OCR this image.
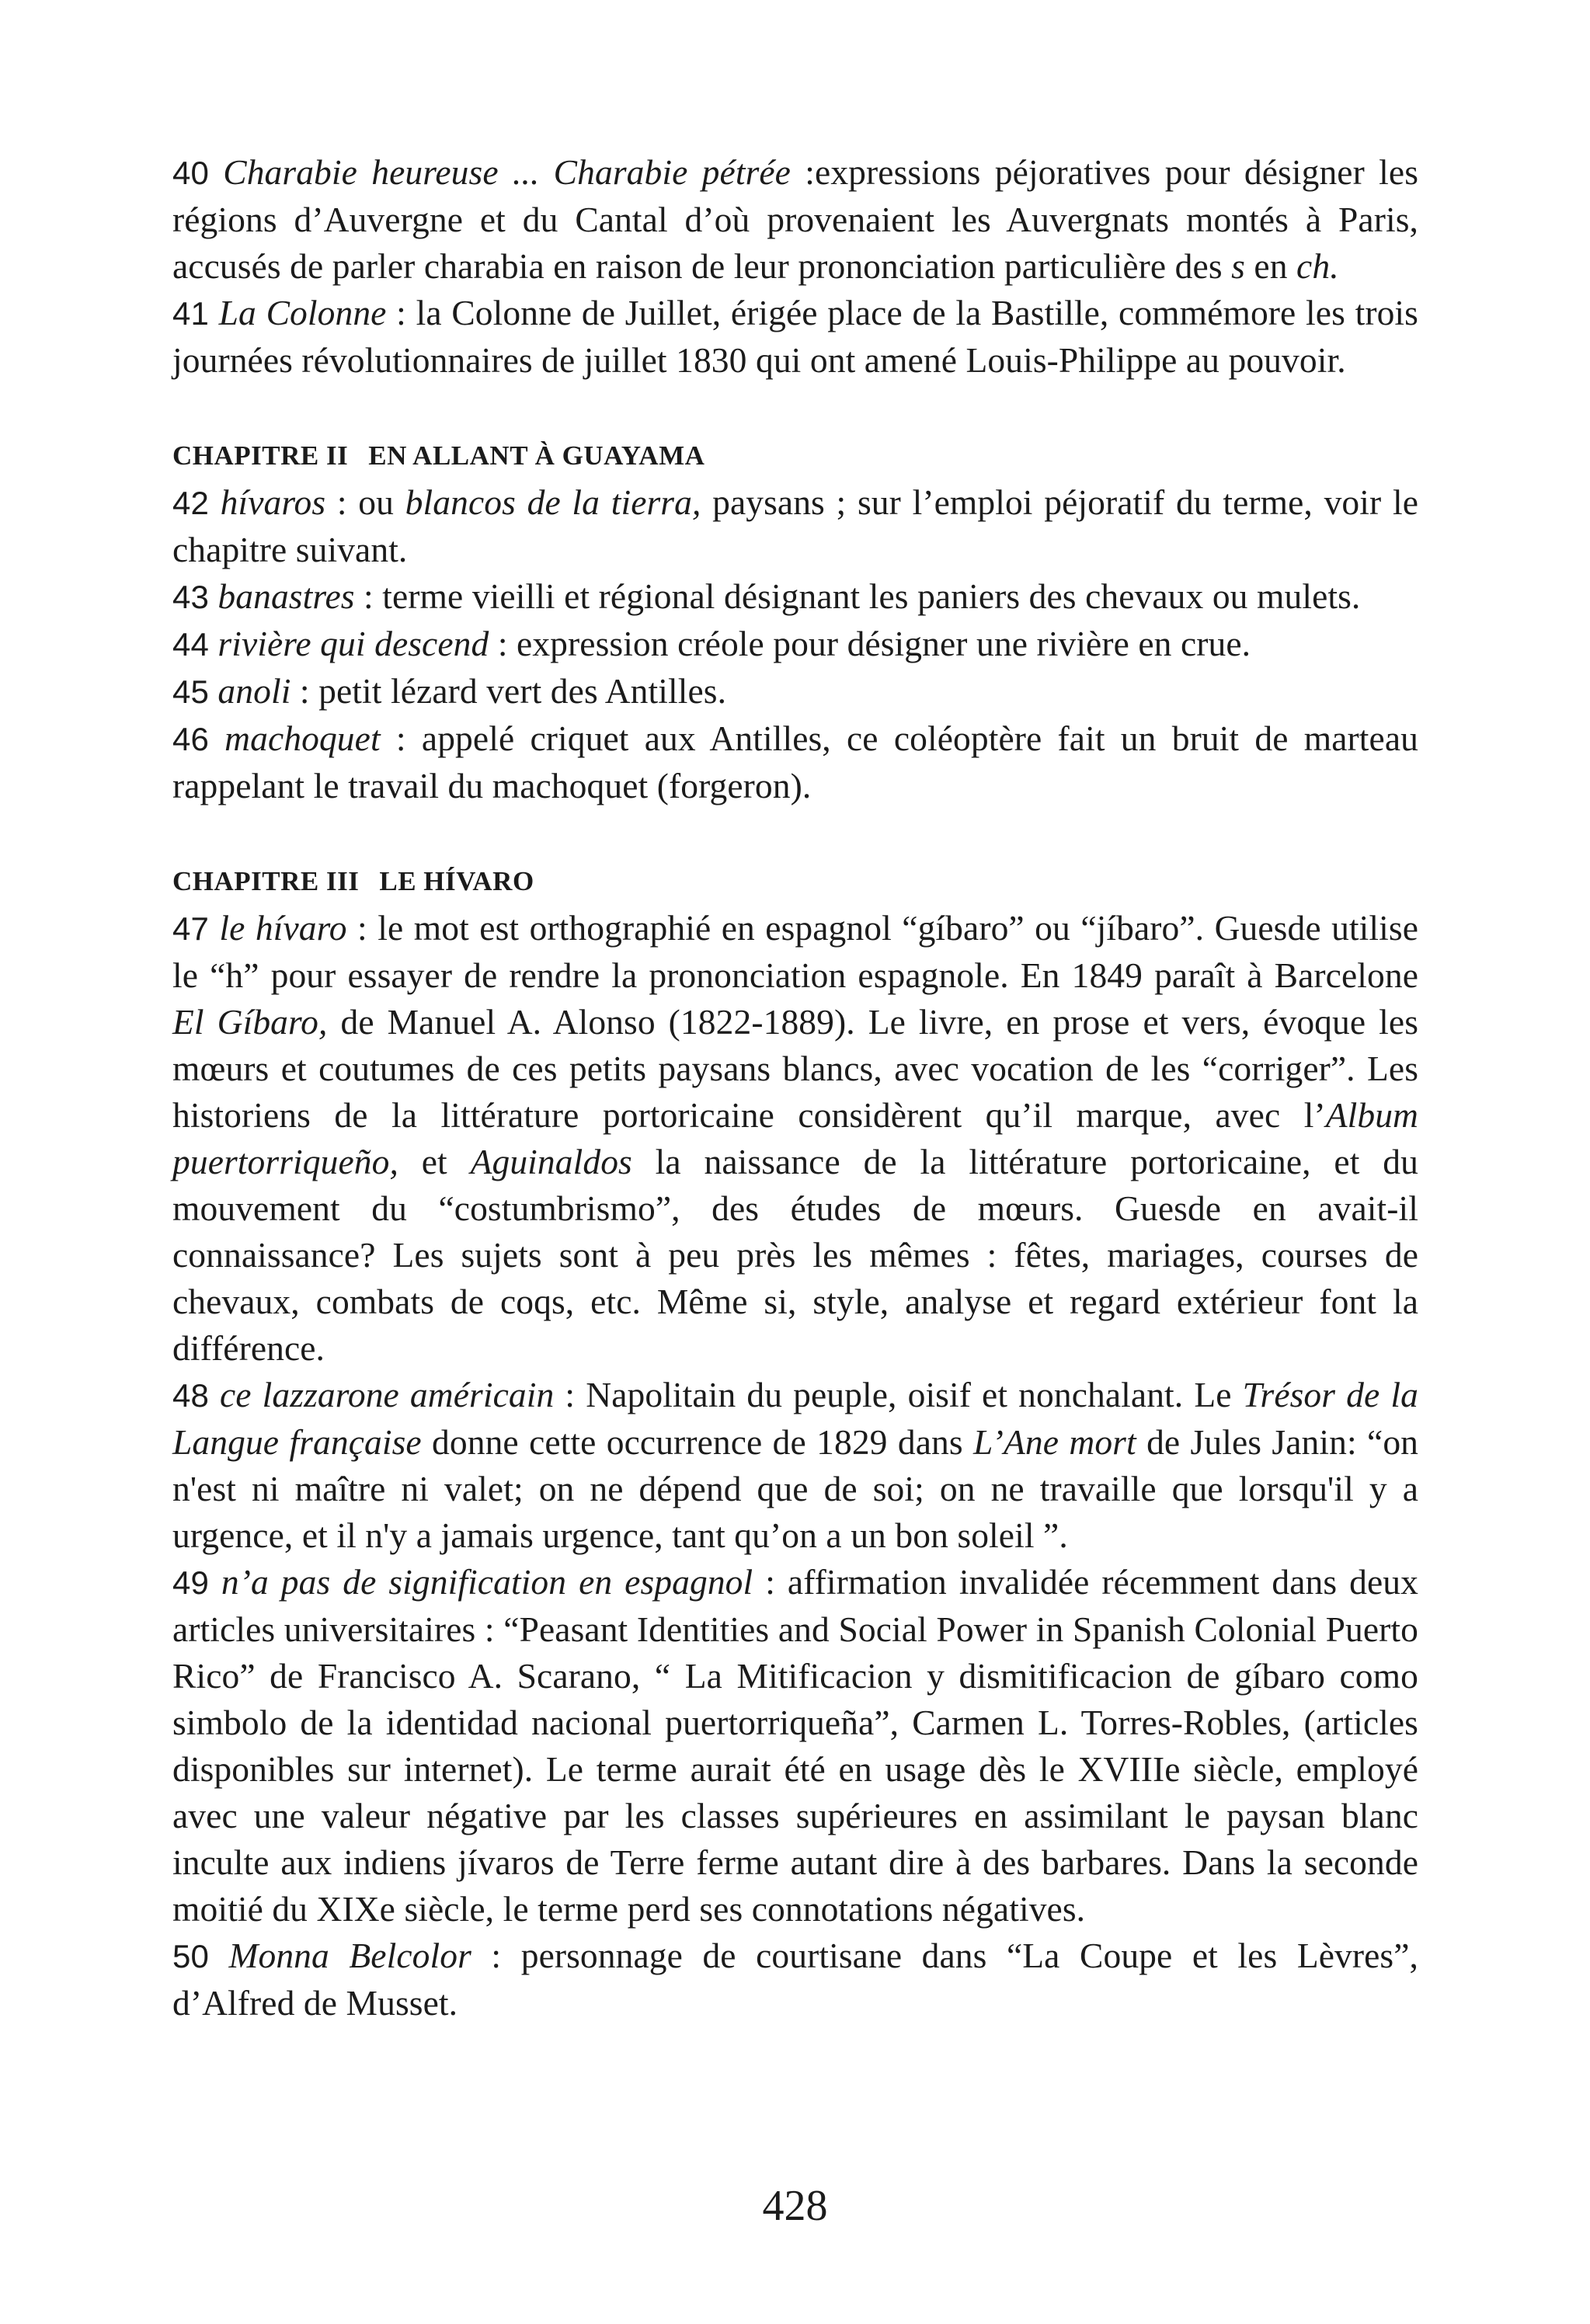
40 Charabie heureuse ... Charabie pétrée :expressions péjoratives pour désigner les régions d’Auvergne et du Cantal d’où provenaient les Auvergnats montés à Paris, accusés de parler charabia en raison de leur prononciation particulière des s en ch.

41 La Colonne : la Colonne de Juillet, érigée place de la Bastille, commémore les trois journées révolutionnaires de juillet 1830 qui ont amené Louis-Philippe au pouvoir.

CHAPITRE II EN ALLANT À GUAYAMA

42 hívaros : ou blancos de la tierra, paysans ; sur l’emploi péjoratif du terme, voir le chapitre suivant.

43 banastres : terme vieilli et régional désignant les paniers des chevaux ou mulets.

44 rivière qui descend : expression créole pour désigner une rivière en crue.

45 anoli : petit lézard vert des Antilles.

46 machoquet : appelé criquet aux Antilles, ce coléoptère fait un bruit de marteau rappelant le travail du machoquet (forgeron).

CHAPITRE III LE HÍVARO

47 le hívaro : le mot est orthographié en espagnol “gíbaro” ou “jíbaro”. Guesde utilise le “h” pour essayer de rendre la prononciation espagnole. En 1849 paraît à Barcelone El Gíbaro, de Manuel A. Alonso (1822-1889). Le livre, en prose et vers, évoque les mœurs et coutumes de ces petits paysans blancs, avec vocation de les “corriger”. Les historiens de la littérature portoricaine considèrent qu’il marque, avec l’Album puertorriqueño, et Aguinaldos la naissance de la littérature portoricaine, et du mouvement du “costumbrismo”, des études de mœurs. Guesde en avait-il connaissance? Les sujets sont à peu près les mêmes : fêtes, mariages, courses de chevaux, combats de coqs, etc. Même si, style, analyse et regard extérieur font la différence.

48 ce lazzarone américain : Napolitain du peuple, oisif et nonchalant. Le Trésor de la Langue française donne cette occurrence de 1829 dans L’Ane mort de Jules Janin: “on n'est ni maître ni valet; on ne dépend que de soi; on ne travaille que lorsqu'il y a urgence, et il n'y a jamais urgence, tant qu’on a un bon soleil ”.

49 n’a pas de signification en espagnol : affirmation invalidée récemment dans deux articles universitaires : “Peasant Identities and Social Power in Spanish Colonial Puerto Rico” de Francisco A. Scarano, “ La Mitificacion y dismitificacion de gíbaro como simbolo de la identidad nacional puertorriqueña”, Carmen L. Torres-Robles, (articles disponibles sur internet). Le terme aurait été en usage dès le XVIIIe siècle, employé avec une valeur négative par les classes supérieures en assimilant le paysan blanc inculte aux indiens jívaros de Terre ferme autant dire à des barbares. Dans la seconde moitié du XIXe siècle, le terme perd ses connotations négatives.

50 Monna Belcolor : personnage de courtisane dans “La Coupe et les Lèvres”, d’Alfred de Musset.

428
